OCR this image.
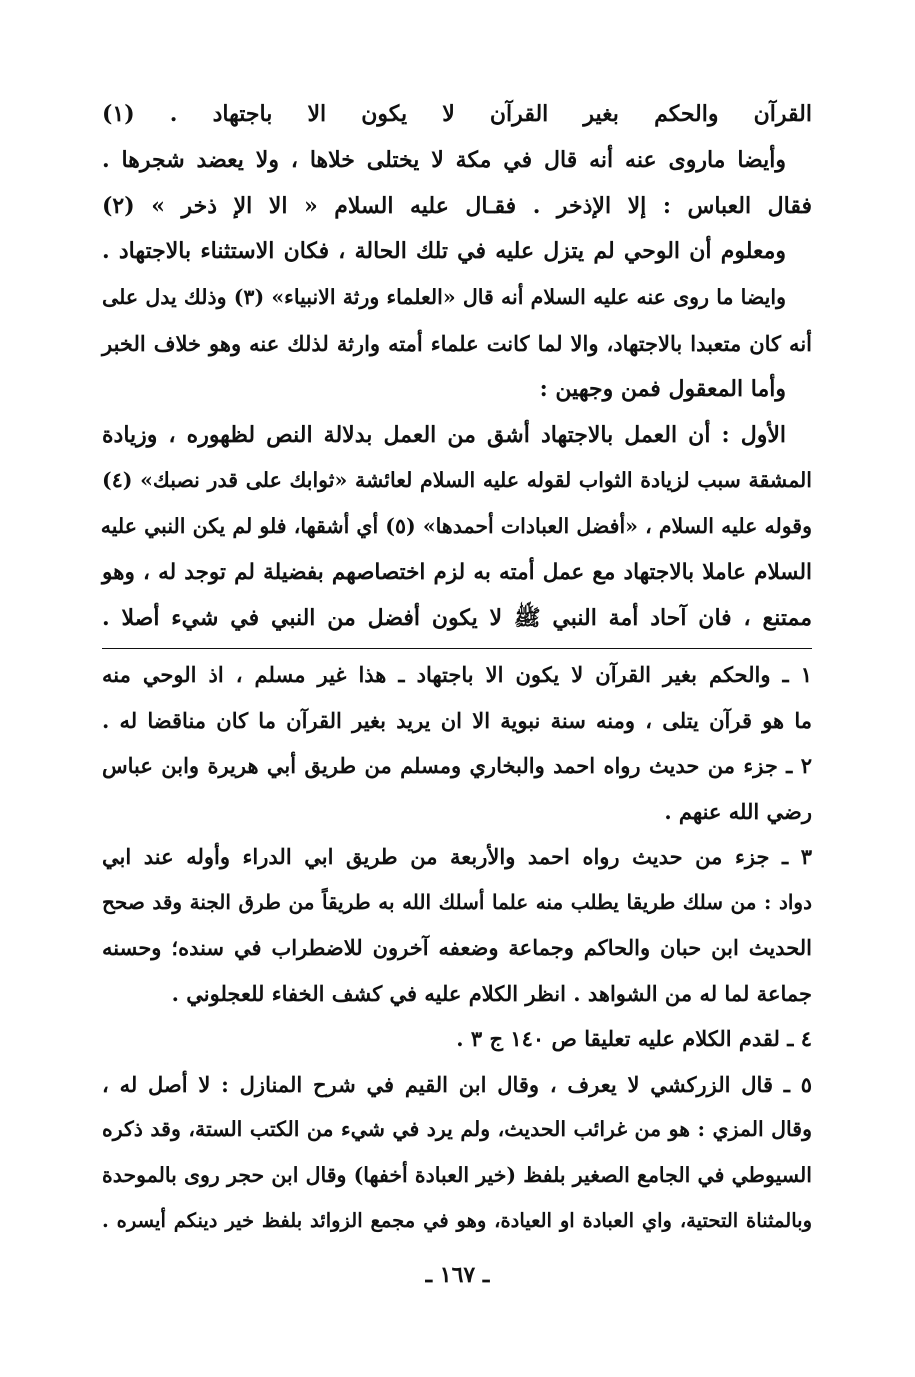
القرآن والحكم بغير القرآن لا يكون الا باجتهاد . (١)
وأيضا ماروى عنه أنه قال في مكة لا يختلى خلاها ، ولا يعضد شجرها .
فقال العباس : إلا الإذخر . فقـال عليه السلام « الا الإ ذخر » (٢)
ومعلوم أن الوحي لم يتزل عليه في تلك الحالة ، فكان الاستثناء بالاجتهاد .
وايضا ما روى عنه عليه السلام أنه قال «العلماء ورثة الانبياء» (٣) وذلك يدل على
أنه كان متعبدا بالاجتهاد، والا لما كانت علماء أمته وارثة لذلك عنه وهو خلاف الخبر
وأما المعقول فمن وجهين :
الأول : أن العمل بالاجتهاد أشق من العمل بدلالة النص لظهوره ، وزيادة
المشقة سبب لزيادة الثواب لقوله عليه السلام لعائشة «ثوابك على قدر نصبك» (٤)
وقوله عليه السلام ، «أفضل العبادات أحمدها» (٥) أي أشقها، فلو لم يكن النبي عليه
السلام عاملا بالاجتهاد مع عمل أمته به لزم اختصاصهم بفضيلة لم توجد له ، وهو
ممتنع ، فان آحاد أمة النبي ﷺ لا يكون أفضل من النبي في شيء أصلا .
١ ـ والحكم بغير القرآن لا يكون الا باجتهاد ـ هذا غير مسلم ، اذ الوحي منه
ما هو قرآن يتلى ، ومنه سنة نبوية الا ان يريد بغير القرآن ما كان مناقضا له .
٢ ـ جزء من حديث رواه احمد والبخاري ومسلم من طريق أبي هريرة وابن عباس
رضي الله عنهم .
٣ ـ جزء من حديث رواه احمد والأربعة من طريق ابي الدراء وأوله عند ابي
دواد : من سلك طريقا يطلب منه علما أسلك الله به طريقاً من طرق الجنة وقد صحح
الحديث ابن حبان والحاكم وجماعة وضعفه آخرون للاضطراب في سنده؛ وحسنه
جماعة لما له من الشواهد . انظر الكلام عليه في كشف الخفاء للعجلوني .
٤ ـ لقدم الكلام عليه تعليقا ص ١٤٠ ج ٣ .
٥ ـ قال الزركشي لا يعرف ، وقال ابن القيم في شرح المنازل : لا أصل له ،
وقال المزي : هو من غرائب الحديث، ولم يرد في شيء من الكتب الستة، وقد ذكره
السيوطي في الجامع الصغير بلفظ (خير العبادة أخفها) وقال ابن حجر روى بالموحدة
وبالمثناة التحتية، واي العبادة او العيادة، وهو في مجمع الزوائد بلفظ خير دينكم أيسره .
ـ ١٦٧ ـ
